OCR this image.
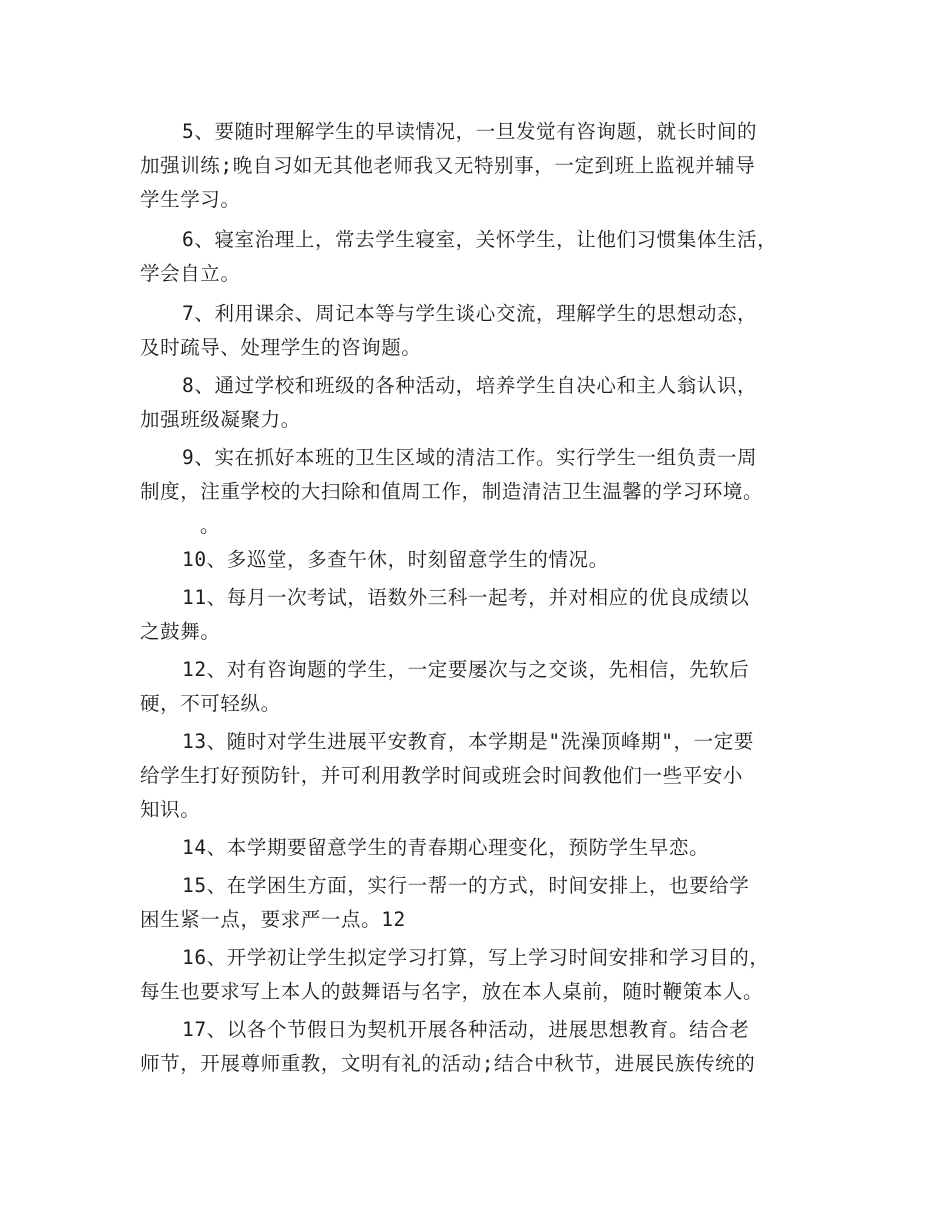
5、要随时理解学生的早读情况，一旦发觉有咨询题，就长时间的
加强训练;晚自习如无其他老师我又无特别事，一定到班上监视并辅导
学生学习。
6、寝室治理上，常去学生寝室，关怀学生，让他们习惯集体生活，
学会自立。
7、利用课余、周记本等与学生谈心交流，理解学生的思想动态，
及时疏导、处理学生的咨询题。
8、通过学校和班级的各种活动，培养学生自决心和主人翁认识，
加强班级凝聚力。
9、实在抓好本班的卫生区域的清洁工作。实行学生一组负责一周
制度，注重学校的大扫除和值周工作，制造清洁卫生温馨的学习环境。
。
10、多巡堂，多查午休，时刻留意学生的情况。
11、每月一次考试，语数外三科一起考，并对相应的优良成绩以
之鼓舞。
12、对有咨询题的学生，一定要屡次与之交谈，先相信，先软后
硬，不可轻纵。
13、随时对学生进展平安教育，本学期是"洗澡顶峰期"，一定要
给学生打好预防针，并可利用教学时间或班会时间教他们一些平安小
知识。
14、本学期要留意学生的青春期心理变化，预防学生早恋。
15、在学困生方面，实行一帮一的方式，时间安排上，也要给学
困生紧一点，要求严一点。12
16、开学初让学生拟定学习打算，写上学习时间安排和学习目的，
每生也要求写上本人的鼓舞语与名字，放在本人桌前，随时鞭策本人。
17、以各个节假日为契机开展各种活动，进展思想教育。结合老
师节，开展尊师重教，文明有礼的活动;结合中秋节，进展民族传统的
